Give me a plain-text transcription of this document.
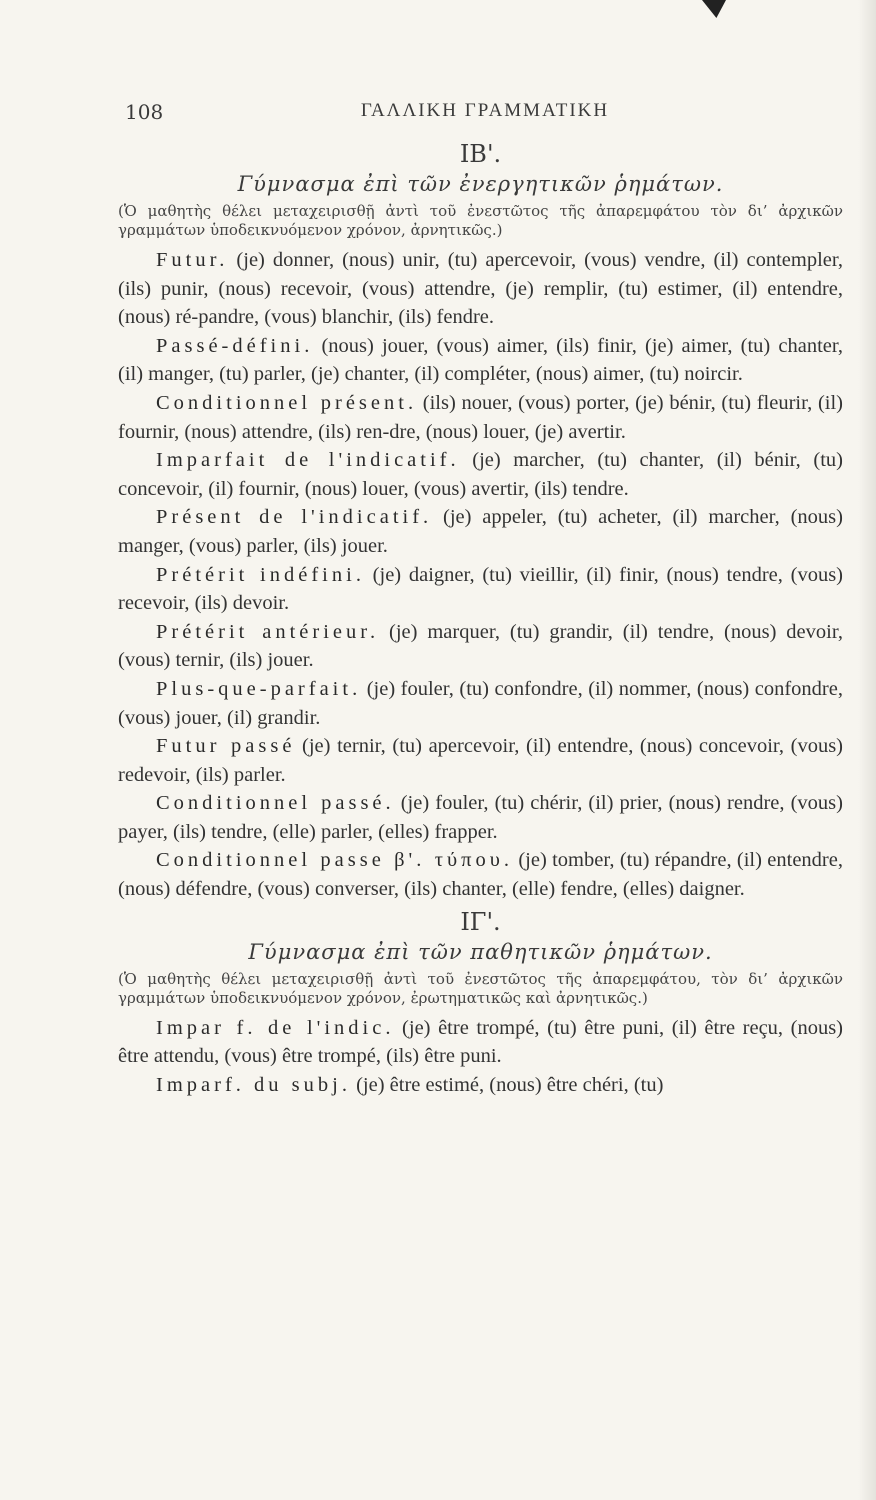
108	ΓΑΛΛΙΚΗ ΓΡΑΜΜΑΤΙΚΗ
ΙΒ'.
Γύμνασμα ἐπὶ τῶν ἐνεργητικῶν ῥημάτων.

(Ὁ μαθητὴς θέλει μεταχειρισθῇ ἀντὶ τοῦ ἐνεστῶτος τῆς ἀπαρεμφάτου τὸν δι’ ἀρχικῶν γραμμάτων ὑποδεικνυόμενον χρόνον, ἀρνητικῶς.)

Futur. (je) donner, (nous) unir, (tu) apercevoir, (vous) vendre, (il) contempler, (ils) punir, (nous) recevoir, (vous) attendre, (je) remplir, (tu) estimer, (il) entendre, (nous) ré-pandre, (vous) blanchir, (ils) fendre.

Passé-défini. (nous) jouer, (vous) aimer, (ils) finir, (je) aimer, (tu) chanter, (il) manger, (tu) parler, (je) chanter, (il) compléter, (nous) aimer, (tu) noircir.

Conditionnel présent. (ils) nouer, (vous) porter, (je) bénir, (tu) fleurir, (il) fournir, (nous) attendre, (ils) ren-dre, (nous) louer, (je) avertir.

Imparfait de l'indicatif. (je) marcher, (tu) chanter, (il) bénir, (tu) concevoir, (il) fournir, (nous) louer, (vous) avertir, (ils) tendre.

Présent de l'indicatif. (je) appeler, (tu) acheter, (il) marcher, (nous) manger, (vous) parler, (ils) jouer.

Prétérit indéfini. (je) daigner, (tu) vieillir, (il) finir, (nous) tendre, (vous) recevoir, (ils) devoir.

Prétérit antérieur. (je) marquer, (tu) grandir, (il) tendre, (nous) devoir, (vous) ternir, (ils) jouer.

Plus-que-parfait. (je) fouler, (tu) confondre, (il) nommer, (nous) confondre, (vous) jouer, (il) grandir.

Futur passé (je) ternir, (tu) apercevoir, (il) entendre, (nous) concevoir, (vous) redevoir, (ils) parler.

Conditionnel passé. (je) fouler, (tu) chérir, (il) prier, (nous) rendre, (vous) payer, (ils) tendre, (elle) parler, (elles) frapper.

Conditionnel passe β'. τύπου. (je) tomber, (tu) répandre, (il) entendre, (nous) défendre, (vous) converser, (ils) chanter, (elle) fendre, (elles) daigner.

ΙΓ'.
Γύμνασμα ἐπὶ τῶν παθητικῶν ῥημάτων.

(Ὁ μαθητὴς θέλει μεταχειρισθῇ ἀντὶ τοῦ ἐνεστῶτος τῆς ἀπαρεμφάτου, τὸν δι’ ἀρχικῶν γραμμάτων ὑποδεικνυόμενον χρόνον, ἐρωτηματικῶς καὶ ἀρνητικῶς.)

Impar f. de l'indic. (je) être trompé, (tu) être puni, (il) être reçu, (nous) être attendu, (vous) être trompé, (ils) être puni.

Imparf. du subj. (je) être estimé, (nous) être chéri, (tu)
